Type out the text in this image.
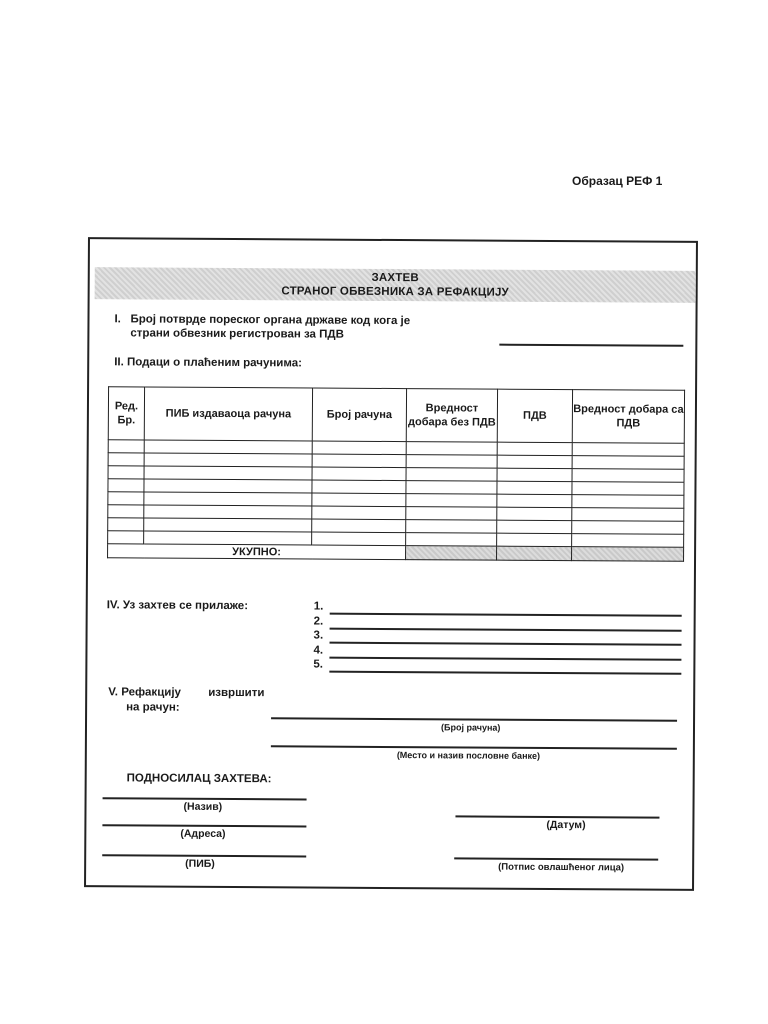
Образац РЕФ 1
ЗАХТЕВ
СТРАНОГ ОБВЕЗНИКА ЗА РЕФАКЦИЈУ
I. Број потврде пореског органа државе код кога је
страни обвезник регистрован за ПДВ
II. Подаци о плаћеним рачунима:
Ред. Бр.	ПИБ издаваоца рачуна	Број рачуна	Вредност добара без ПДВ	ПДВ	Вредност добара са ПДВ

УКУПНО:					
IV. Уз захтев се прилаже:	1.
2.
3.
4.
5.
V. Рефакцију извршити
на рачун:
(Број рачуна)
(Место и назив пословне банке)
ПОДНОСИЛАЦ ЗАХТЕВА:
(Назив)
(Адреса)
(ПИБ)
(Датум)
(Потпис овлашћеног лица)
